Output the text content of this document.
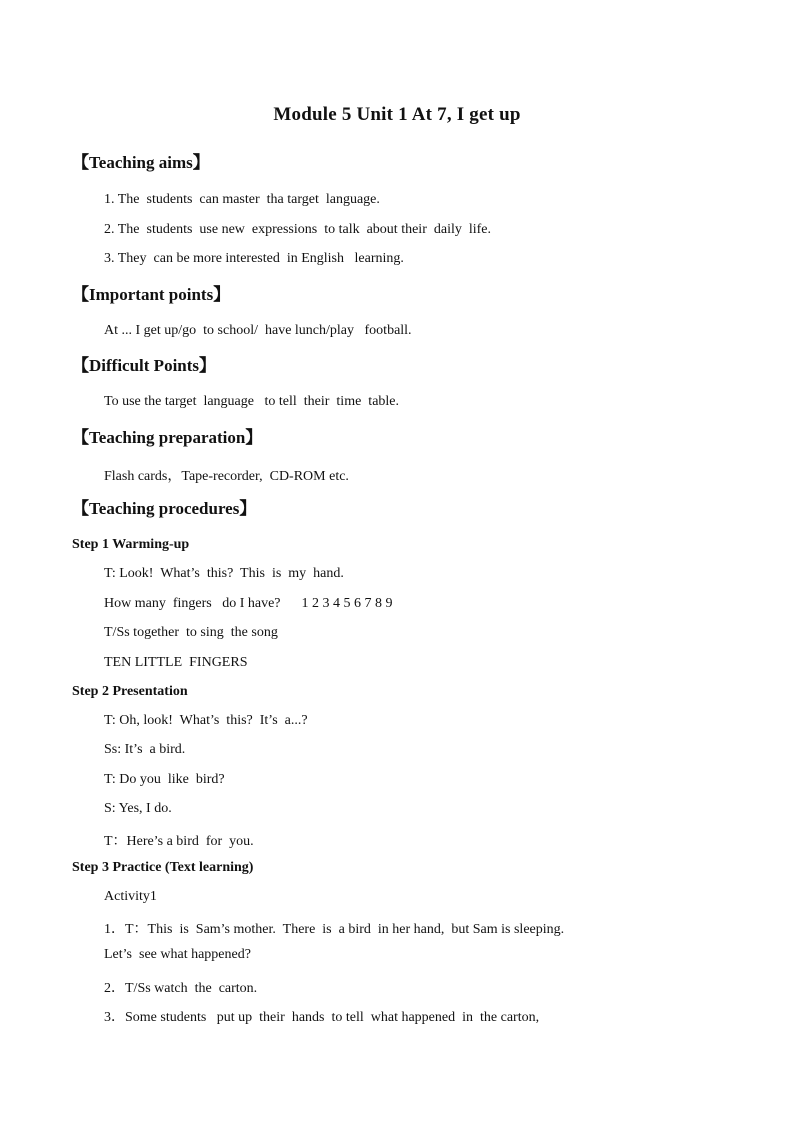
Module 5 Unit 1 At 7, I get up
【Teaching aims】
1. The  students  can master  tha target  language.
2. The  students  use new  expressions  to talk  about their  daily  life.
3. They  can be more interested  in English   learning.
【Important points】
At ... I get up/go  to school/  have lunch/play   football.
【Difficult Points】
To use the target  language   to tell  their  time  table.
【Teaching preparation】
Flash cards，Tape-recorder,  CD-ROM etc.
【Teaching procedures】
Step 1 Warming-up
T: Look!  What’s  this?  This  is  my  hand.
How many  fingers   do I have?      1 2 3 4 5 6 7 8 9
T/Ss together  to sing  the song
TEN LITTLE  FINGERS
Step 2 Presentation
T: Oh, look!  What’s  this?  It’s  a...?
Ss: It’s  a bird.
T: Do you  like  bird?
S: Yes, I do.
T：Here’s a bird  for  you.
Step 3 Practice (Text learning)
Activity1
1．T：This  is  Sam’s mother.  There  is  a bird  in her hand,  but Sam is sleeping.
Let’s  see what happened?
2．T/Ss watch  the  carton.
3．Some students   put up  their  hands  to tell  what happened  in  the carton,
